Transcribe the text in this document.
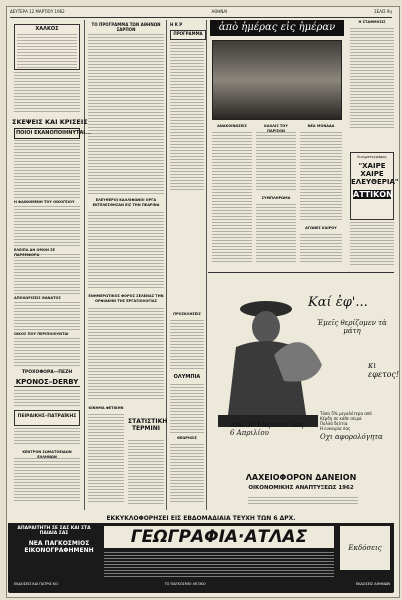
ΔΕΥΤΕΡΑ 12 ΜΑΡΤΙΟΥ 1962	ΑΘΗΝΑΙ	ΣΕΛΙΣ 9η
ΧΑΛΚΟΣ
ΣΚΕΨΕΙΣ ΚΑΙ ΚΡΙΣΕΙΣ
ΠΟΙΟΙ ΕΚΑΝΟΠΟΙΗΝΥΤΑΙ...
Η ΦΑΙΝΟΜΕΝΗ ΤΟΥ ΟΙΚΟΓΕΙΟΥ
ΕΛΕΙΠΑ ΔΗ ΟΜΟΝ ΣΕ ΠΑΡΕΜΦΟΡΑ
ΑΠΟΧΩΡΙΣΕΙΣ ΘΑΝΑΤΟΣ
ΟΙΚΟΣ ΠΟΥ ΠΕΡΙΠΟΙΟΥΝΤΑΙ
ΤΡΟΧΟΦΟΡΑ—ΠΕΖΗ
ΚΡΟΝΟΣ–DERBY
ΠΕΙΡΑΙΚΗΣ–ΠΑΤΡΑΪΚΗΣ
ΚΕΝΤΡΟΝ ΣΩΜΑΤΟΕΙΔΩΝ ΕΛΛΗΝΩΝ
ΤΟ ΠΡΟΓΡΑΜΜΑ ΤΩΝ ΑΘΗΝΩΝ ΣΑΡΠΟΝ
ΕΛΕΥΘΕΡΟΙ ΚΑΛΛΙΦΩΝΟΙ ΟΡΓΑ ΕΚΤΕΛΕΣΘΗΣΑΝ ΕΙΣ ΤΗΝ ΠΕΑΡΙΝΑ
ΕΝΗΜΕΡΩΤΙΚΟΣ ΦΟΡΟΣ ΣΕΛΕΝΑΣ ΤΗΝ ΟΡΦΙΑΚΗΝ ΤΗΣ ΕΡΓΑΞΙΟΛΟΓΙΑΣ
ΚΙΝΗΜΑ ΦΕΤΙΚΗΝ
ΣΤΑΤΙΣΤΙΚΗ ΤΕΡΜΙΝΙ
Η Κ Ρ
ΠΡΟΓΡΑΜΜΑ
ΠΡΟΣΚΛΗΣΕΙΣ
ΟΛΥΜΠΙΑ
ΘΕΩΡΗΣΙΣ
ἀπὸ ἡμέρας εἰς ἡμέραν
ΑΝΑΚΟΙΝΩΣΕΙΣ	ΚΑΛΛΙΣ ΤΟΥ ΠΑΡΙΣΟΝ
ΣΥΜΠΛΗΡΩΜΑ
ΝΕΑ ΜΟΝΑΔΑ
ΑΓΩΝΕΣ ΚΑΙΡΟΥ
Η ΣΤΑΘΜΗΣΙΣ
Κινηματογράφος
"ΧΑΙΡΕ ΧΑΙΡΕ ΕΛΕΥΘΕΡΙΑ"
ΑΤΤΙΚΟΝ
Καί ἐφ'...
Ἐμεῖς θερίζομεν τὰ μάτη
κι εφετος!
Από 30 Μαρτίου έως 6 Απριλίου
Τόσα 5% μεγαλύτερα από
Κέρδη σε κάθε σειρά
Πολλά δελτία
Η ευκαιρία σας
Οχι αφορολόγητα
ΛΑΧΕΙΟΦΟΡΟΝ ΔΑΝΕΙΟΝ
ΟΙΚΟΝΟΜΙΚΗΣ ΑΝΑΠΤΥΞΕΩΣ 1962
ΕΚΚΥΚΛΟΦΟΡΗΣΕΙ ΕΙΣ ΕΒΔΟΜΑΔΙΑΙΑ ΤΕΥΧΗ ΤΩΝ 6 ΔΡΧ.
ΑΠΑΡΑΙΤΗΤΗ ΣΕ ΣΑΣ ΚΑΙ ΣΤΑ ΠΑΙΔΙΑ ΣΑΣ
ΝΕΑ ΠΑΓΚΟΣΜΙΟΣ ΕΙΚΟΝΟΓΡΑΦΗΜΕΝΗ
ΓΕΩΓΡΑΦΙΑ·ΑΤΛΑΣ
Εκδόσεις
ΕΚΔΟΣΕΙΣ ΚΑΙ ΠΑΤΡΙΣ ΚΟ	ΤΟ ΠΑΓΚΟΣΜΙΟ ΛΕΞΙΚΟ	ΕΚΔΟΣΕΙΣ ΑΘΗΝΩΝ
